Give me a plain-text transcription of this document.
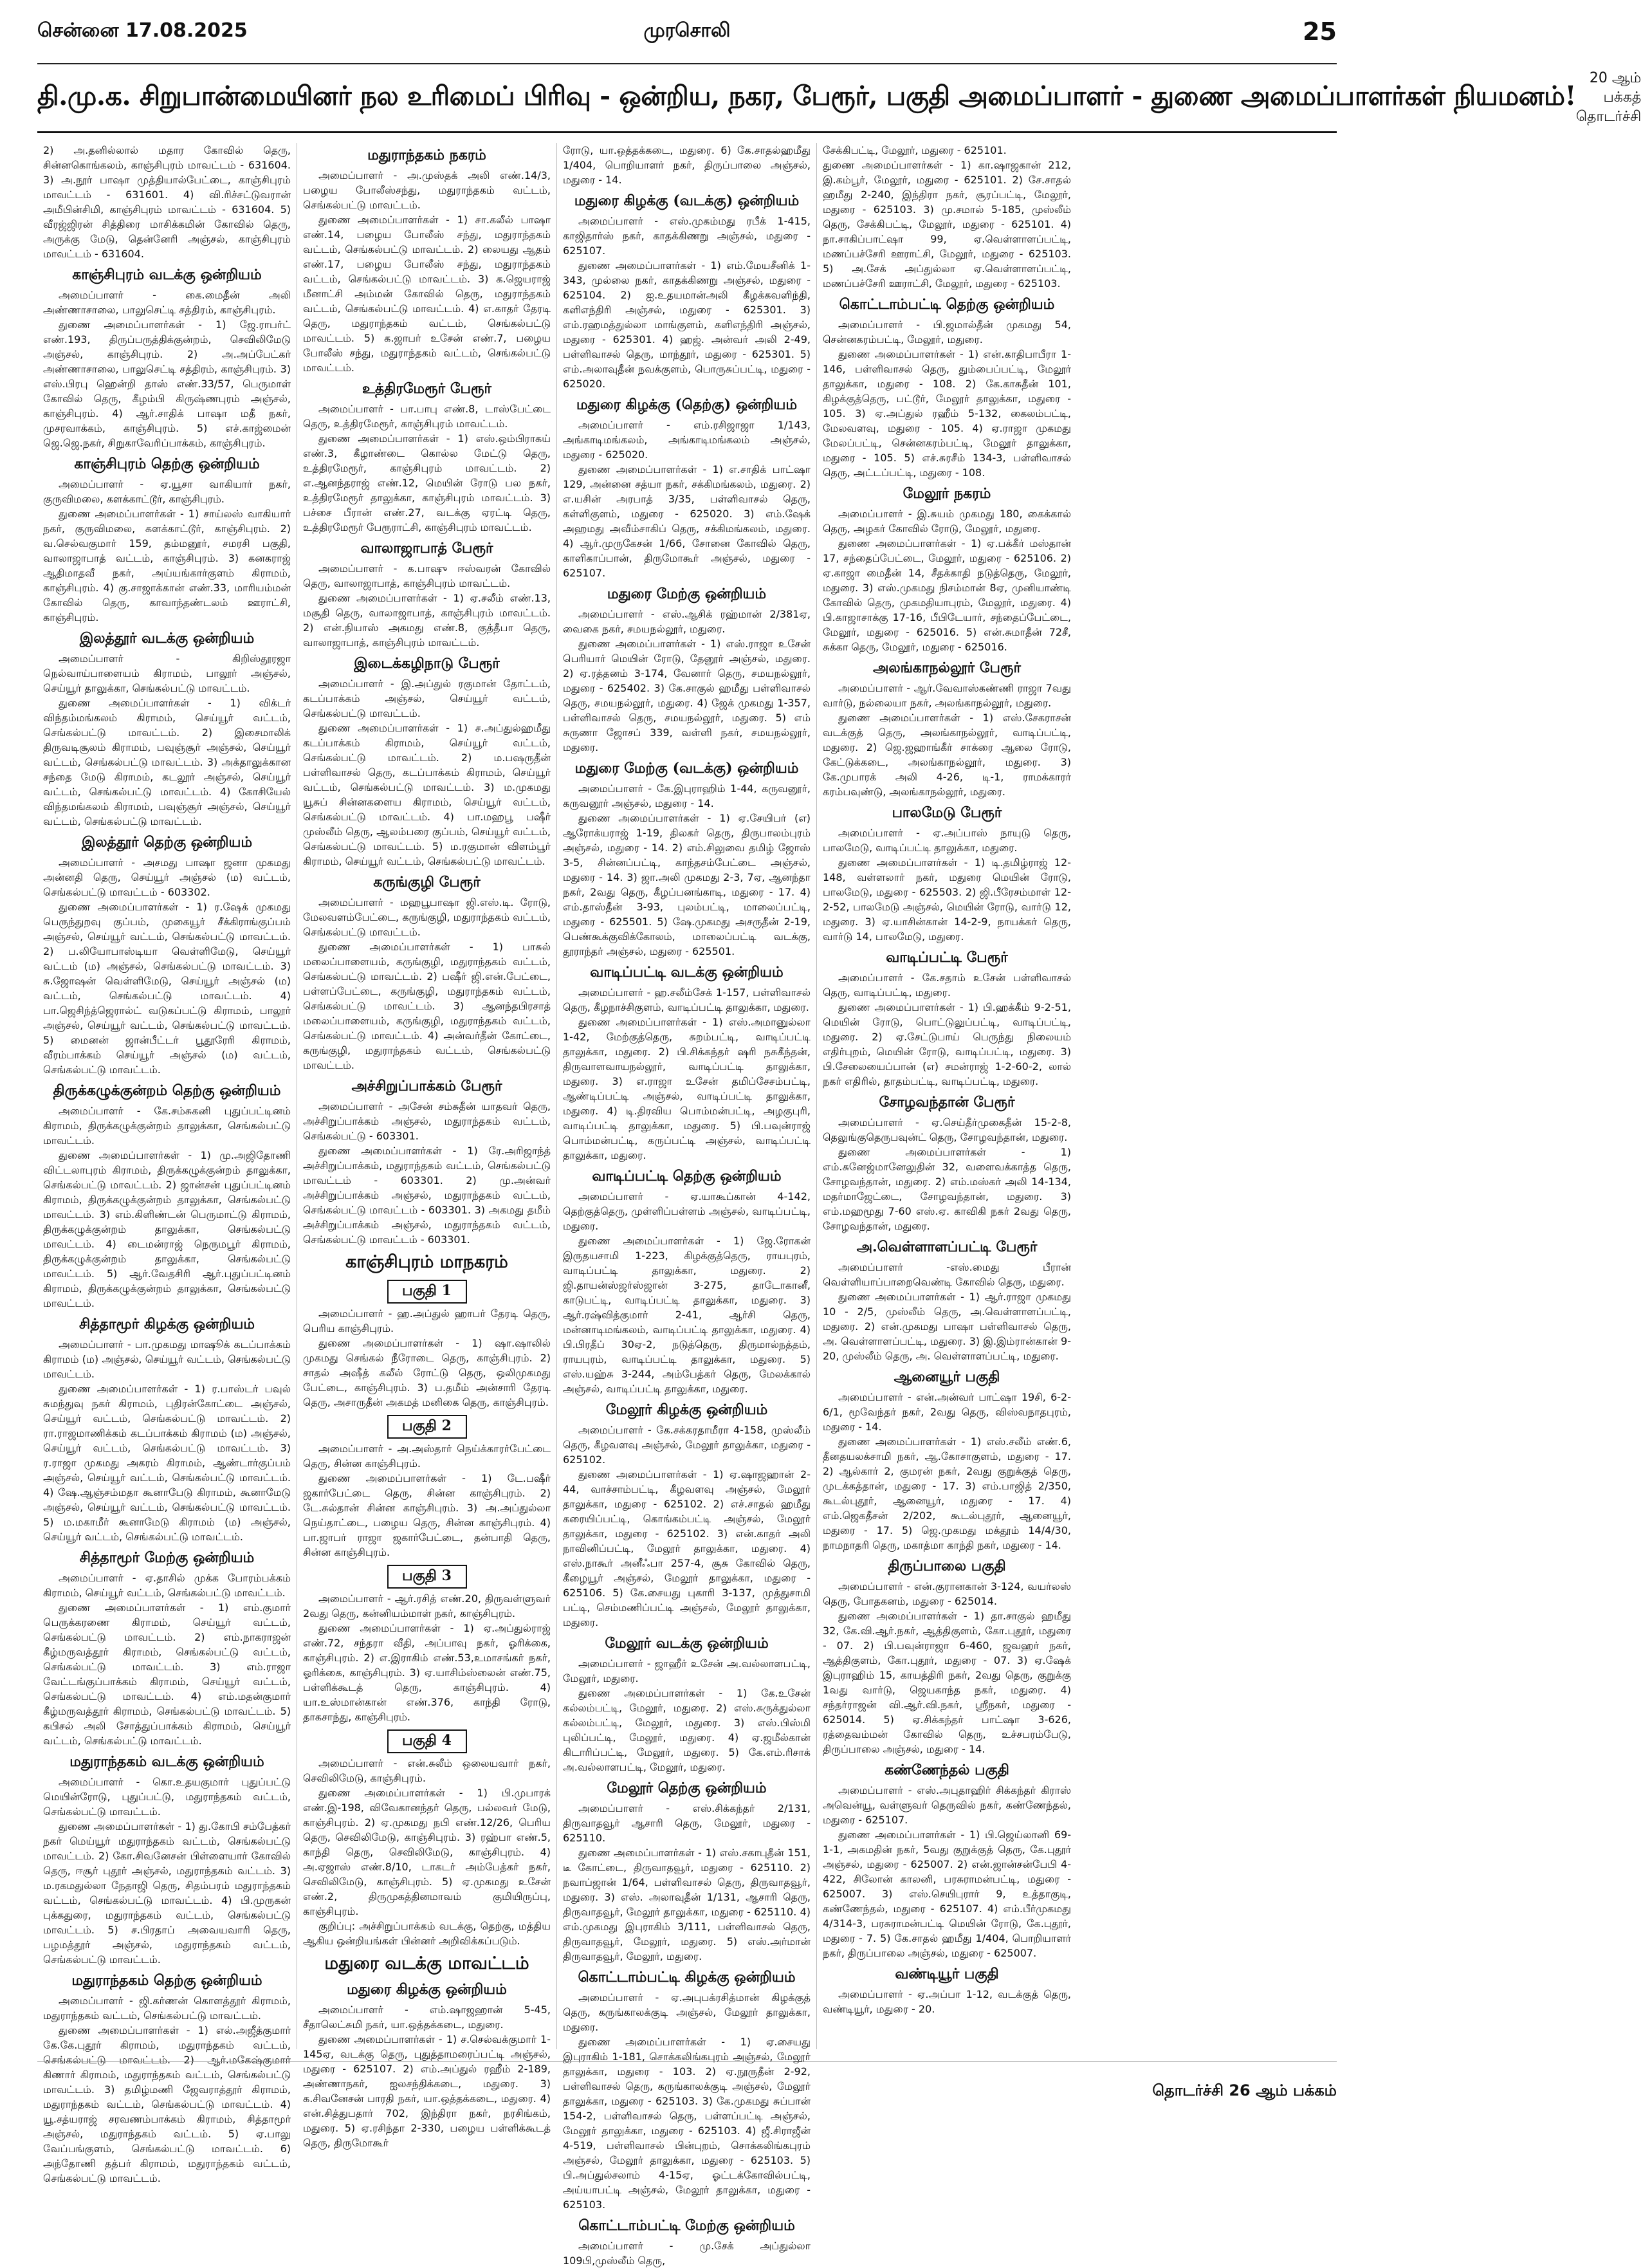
சென்னை 17.08.2025	முரசொலி	25
தி.மு.க. சிறுபான்மையினர் நல உரிமைப் பிரிவு - ஒன்றிய, நகர, பேரூர், பகுதி அமைப்பாளர் - துணை அமைப்பாளர்கள் நியமனம்!
20 ஆம் பக்கத் தொடர்ச்சி

2) அ.தனில்லால் மதார கோவில் தெரு, சின்னகொங்கலம், காஞ்சிபுரம் மாவட்டம் - 631604. 3) அ.நூர் பாஷா முத்தியால்பேட்டை, காஞ்சிபுரம் மாவட்டம் - 631601. 4) வி.ரிச்சட்டுவரான் அமீபின்சிமி, காஞ்சிபுரம் மாவட்டம் - 631604. 5) வீரஜ்ஜிரன் சித்திரை மாசிக்கமின் கோவில் தெரு, அருக்கு மேடு, தென்னேரி அஞ்சல், காஞ்சிபுரம் மாவட்டம் - 631604.

காஞ்சிபுரம் வடக்கு ஒன்றியம்

அமைப்பாளர் - கை.மைதீன் அலி அண்ணாசாலை, பாலுசெட்டி சத்திரம், காஞ்சிபுரம்.

துணை அமைப்பாளர்கள் - 1) ஜே.ராபர்ட் எண்.193, திருப்பருத்திக்குன்றம், செவிலிமேடு அஞ்சல், காஞ்சிபுரம். 2) அ.அப்பேட்கர் அண்ணாசாலை, பாலுசெட்டி சத்திரம், காஞ்சிபுரம். 3) எஸ்.பிரபு ஹென்றி தாஸ் எண்.33/57, பெருமாள் கோவில் தெரு, கீழம்பி கிருஷ்ணபுரம் அஞ்சல், காஞ்சிபுரம். 4) ஆர்.சாதிக் பாஷா மதீ நகர், முசரவாக்கம், காஞ்சிபுரம். 5) எச்.காஜ்மைன் ஜெ.ஜெ.நகர், சிறுகாவேரிப்பாக்கம், காஞ்சிபுரம்.

காஞ்சிபுரம் தெற்கு ஒன்றியம்

அமைப்பாளர் - ஏ.யூசா வாகியார் நகர், குருவிமலை, களக்காட்டூர், காஞ்சிபுரம்.

துணை அமைப்பாளர்கள் - 1) சாய்லஸ் வாகியார் நகர், குருவிமலை, களக்காட்டூர், காஞ்சிபுரம். 2) வ.செல்வகுமார் 159, தம்மனூர், சமரசி பகுதி, வாலாஜாபாத் வட்டம், காஞ்சிபுரம். 3) கனகராஜ் ஆதிமாதவீ நகர், அய்யங்கார்குளம் கிராமம், காஞ்சிபுரம். 4) கு.சாஜாக்கான் எண்.33, மாரியம்மன் கோவில் தெரு, காவாந்தண்டலம் ஊராட்சி, காஞ்சிபுரம்.

இலத்தூர் வடக்கு ஒன்றியம்

அமைப்பாளர் - கிறிஸ்தூரஜா நெல்வாய்பாளையம் கிராமம், பாலூர் அஞ்சல், செய்யூர் தாலுக்கா, செங்கல்பட்டு மாவட்டம்.

துணை அமைப்பாளர்கள் - 1) விக்டர் விந்தம்மங்கலம் கிராமம், செய்யூர் வட்டம், செங்கல்பட்டு மாவட்டம். 2) இசைமாலிக் திருவடிசூலம் கிராமம், பவுஞ்சூர் அஞ்சல், செய்யூர் வட்டம், செங்கல்பட்டு மாவட்டம். 3) அக்தாலுக்கான சந்தை மேடு கிராமம், கடலூர் அஞ்சல், செய்யூர் வட்டம், செங்கல்பட்டு மாவட்டம். 4) கோசியேல் விந்தமங்கலம் கிராமம், பவுஞ்சூர் அஞ்சல், செய்யூர் வட்டம், செங்கல்பட்டு மாவட்டம்.

இலத்தூர் தெற்கு ஒன்றியம்

அமைப்பாளர் - அசமது பாஷா ஜனா முகமது அன்னதி தெரு, செய்யூர் அஞ்சல் (ம) வட்டம், செங்கல்பட்டு மாவட்டம் - 603302.

துணை அமைப்பாளர்கள் - 1) ர.ஷேக் முகமது பெருந்துறவு குப்பம், முகையூர் சீக்கிராங்குப்பம் அஞ்சல், செய்யூர் வட்டம், செங்கல்பட்டு மாவட்டம். 2) ப.லியோபாஸ்டியா வெள்ளிமேடு, செய்யூர் வட்டம் (ம) அஞ்சல், செங்கல்பட்டு மாவட்டம். 3) சு.ஜோஷன் வெள்ளிமேடு, செய்யூர் அஞ்சல் (ம) வட்டம், செங்கல்பட்டு மாவட்டம். 4) பா.ஜெசிந்த்ஜெரால்ட் வடுகப்பட்டு கிராமம், பாலூர் அஞ்சல், செய்யூர் வட்டம், செங்கல்பட்டு மாவட்டம். 5) மைனன் ஜான்பீட்டர் பூதூரேரி கிராமம், வீரம்பாக்கம் செய்யூர் அஞ்சல் (ம) வட்டம், செங்கல்பட்டு மாவட்டம்.

திருக்கழுக்குன்றம் தெற்கு ஒன்றியம்

அமைப்பாளர் - கே.சம்சுகனி புதுப்பட்டினம் கிராமம், திருக்கழுக்குன்றம் தாலுக்கா, செங்கல்பட்டு மாவட்டம்.

துணை அமைப்பாளர்கள் - 1) மு.அஜிதோணி விட்டலாபுரம் கிராமம், திருக்கழுக்குன்றம் தாலுக்கா, செங்கல்பட்டு மாவட்டம். 2) ஜான்சன் புதுப்பட்டினம் கிராமம், திருக்கழுக்குன்றம் தாலுக்கா, செங்கல்பட்டு மாவட்டம். 3) எம்.கிளிண்டன் பெருமாட்டு கிராமம், திருக்கழுக்குன்றம் தாலுக்கா, செங்கல்பட்டு மாவட்டம். 4) டைமன்ராஜ் நெருமபூர் கிராமம், திருக்கழுக்குன்றம் தாலுக்கா, செங்கல்பட்டு மாவட்டம். 5) ஆர்.வேதசிரி ஆர்.புதுப்பட்டினம் கிராமம், திருக்கழுக்குன்றம் தாலுக்கா, செங்கல்பட்டு மாவட்டம்.

சித்தாமூர் கிழக்கு ஒன்றியம்

அமைப்பாளர் - பா.முகமது மாஷூக் கடப்பாக்கம் கிராமம் (ம) அஞ்சல், செய்யூர் வட்டம், செங்கல்பட்டு மாவட்டம்.

துணை அமைப்பாளர்கள் - 1) ர.பாஸ்டர் பவுல் சுமந்துவு நகர் கிராமம், புதிரன்கோட்டை அஞ்சல், செய்யூர் வட்டம், செங்கல்பட்டு மாவட்டம். 2) ரா.ராஜமாணிக்கம் கடப்பாக்கம் கிராமம் (ம) அஞ்சல், செய்யூர் வட்டம், செங்கல்பட்டு மாவட்டம். 3) ர.ராஜா முகமது அகரம் கிராமம், ஆண்டார்குப்பம் அஞ்சல், செய்யூர் வட்டம், செங்கல்பட்டு மாவட்டம். 4) ஷே.ஆஞ்சம்மதா கூனாபேடு கிராமம், கூனாமேடு அஞ்சல், செய்யூர் வட்டம், செங்கல்பட்டு மாவட்டம். 5) ம.மகாமீர் கூனாமேடு கிராமம் (ம) அஞ்சல், செய்யூர் வட்டம், செங்கல்பட்டு மாவட்டம்.

சித்தாமூர் மேற்கு ஒன்றியம்

அமைப்பாளர் - ஏ.தாசில் முக்க போரம்பக்கம் கிராமம், செய்யூர் வட்டம், செங்கல்பட்டு மாவட்டம்.

துணை அமைப்பாளர்கள் - 1) எம்.குமார் பெருக்கரணை கிராமம், செய்யூர் வட்டம், செங்கல்பட்டு மாவட்டம். 2) எம்.நாகராஜன் கீழ்மருவத்தூர் கிராமம், செங்கல்பட்டு வட்டம், செங்கல்பட்டு மாவட்டம். 3) எம்.ராஜா வேட்டங்குப்பாக்கம் கிராமம், செய்யூர் வட்டம், செங்கல்பட்டு மாவட்டம். 4) எம்.மதன்குமார் கீழ்மருவத்தூர் கிராமம், செங்கல்பட்டு மாவட்டம். 5) கபிசல் அலி சோத்துப்பாக்கம் கிராமம், செய்யூர் வட்டம், செங்கல்பட்டு மாவட்டம்.

மதுராந்தகம் வடக்கு ஒன்றியம்

அமைப்பாளர் - கொ.உதயகுமார் புதுப்பட்டு மெயின்ரோடு, புதுப்பட்டு, மதுராந்தகம் வட்டம், செங்கல்பட்டு மாவட்டம்.

துணை அமைப்பாளர்கள் - 1) து.கோபி சம்பேத்கர் நகர் மெய்யூர் மதுராந்தகம் வட்டம், செங்கல்பட்டு மாவட்டம். 2) கோ.சிவனேசன் பிள்ளையார் கோவில் தெரு, ஈசூர் புதூர் அஞ்சல், மதுராந்தகம் வட்டம். 3) ம.ரகமதுல்லா நேதாஜி தெரு, சிதம்பரம் மதுராந்தகம் வட்டம், செங்கல்பட்டு மாவட்டம். 4) பி.முருகன் புக்கதுரை, மதுராந்தகம் வட்டம், செங்கல்பட்டு மாவட்டம். 5) ச.பிரதாப் அவையவாரி தெரு, பழமத்தூர் அஞ்சல், மதுராந்தகம் வட்டம், செங்கல்பட்டு மாவட்டம்.

மதுராந்தகம் தெற்கு ஒன்றியம்

அமைப்பாளர் - ஜி.கர்ணன் கொளத்தூர் கிராமம், மதுராந்தகம் வட்டம், செங்கல்பட்டு மாவட்டம்.

துணை அமைப்பாளர்கள் - 1) எல்.அஜீத்குமார் கே.கே.புதூர் கிராமம், மதுராந்தகம் வட்டம், செங்கல்பட்டு மாவட்டம். 2) ஆர்.மகேஷ்குமார் கிணார் கிராமம், மதுராந்தகம் வட்டம், செங்கல்பட்டு மாவட்டம். 3) தமிழ்மணி ஜேவராத்தூர் கிராமம், மதுராந்தகம் வட்டம், செங்கல்பட்டு மாவட்டம். 4) யூ.சத்யராஜ் சரவணம்பாக்கம் கிராமம், சித்தாமூர் அஞ்சல், மதுராந்தகம் வட்டம். 5) ஏ.பாலு வேப்பங்குளம், செங்கல்பட்டு மாவட்டம். 6) அந்தோணி தத்பர் கிராமம், மதுராந்தகம் வட்டம், செங்கல்பட்டு மாவட்டம்.

மதுராந்தகம் நகரம்

அமைப்பாளர் - அ.முஸ்தக் அலி எண்.14/3, பழைய போலீஸ்சந்து, மதுராந்தகம் வட்டம், செங்கல்பட்டு மாவட்டம்.

துணை அமைப்பாளர்கள் - 1) சா.கலீல் பாஷா எண்.14, பழைய போலீஸ் சந்து, மதுராந்தகம் வட்டம், செங்கல்பட்டு மாவட்டம். 2) லையது ஆதம் எண்.17, பழைய போலீஸ் சந்து, மதுராந்தகம் வட்டம், செங்கல்பட்டு மாவட்டம். 3) க.ஜெயராஜ் மீனாட்சி அம்மன் கோவில் தெரு, மதுராந்தகம் வட்டம், செங்கல்பட்டு மாவட்டம். 4) எ.காதர் தேரடி தெரு, மதுராந்தகம் வட்டம், செங்கல்பட்டு மாவட்டம். 5) க.ஜாபர் உசேன் எண்.7, பழைய போலீஸ் சந்து, மதுராந்தகம் வட்டம், செங்கல்பட்டு மாவட்டம்.

உத்திரமேரூர் பேரூர்

அமைப்பாளர் - பா.பாபு எண்.8, டாஸ்பேட்டை தெரு, உத்திரமேரூர், காஞ்சிபுரம் மாவட்டம்.

துணை அமைப்பாளர்கள் - 1) எஸ்.ஒம்பிராகய் எண்.3, கீழாண்டை கொல்ல மேட்டு தெரு, உத்திரமேரூர், காஞ்சிபுரம் மாவட்டம். 2) எ.ஆனந்தராஜ் எண்.12, மெயின் ரோடு பல நகர், உத்திரமேரூர் தாலுக்கா, காஞ்சிபுரம் மாவட்டம். 3) பச்சை பீரான் எண்.27, வடக்கு ஏரட்டி தெரு, உத்திரமேரூர் பேரூராட்சி, காஞ்சிபுரம் மாவட்டம்.

வாலாஜாபாத் பேரூர்

அமைப்பாளர் - க.பாஷு ஈஸ்வரன் கோவில் தெரு, வாலாஜாபாத், காஞ்சிபுரம் மாவட்டம்.

துணை அமைப்பாளர்கள் - 1) ஏ.சலீம் எண்.13, மசூதி தெரு, வாலாஜாபாத், காஞ்சிபுரம் மாவட்டம். 2) என்.நியாஸ் அகமது எண்.8, குத்தீபா தெரு, வாலாஜாபாத், காஞ்சிபுரம் மாவட்டம்.

இடைக்கழிநாடு பேரூர்

அமைப்பாளர் - இ.அப்துல் ரகுமான் தோட்டம், கடப்பாக்கம் அஞ்சல், செய்யூர் வட்டம், செங்கல்பட்டு மாவட்டம்.

துணை அமைப்பாளர்கள் - 1) ச.அப்துல்ஹமீது கடப்பாக்கம் கிராமம், செய்யூர் வட்டம், செங்கல்பட்டு மாவட்டம். 2) ம.பஷருதீன் பள்ளிவாசல் தெரு, கடப்பாக்கம் கிராமம், செய்யூர் வட்டம், செங்கல்பட்டு மாவட்டம். 3) ம.முகமது யூசுப் சின்னகளைய கிராமம், செய்யூர் வட்டம், செங்கல்பட்டு மாவட்டம். 4) பா.மஹபூ பஷீர் முஸ்லீம் தெரு, ஆலம்பரை குப்பம், செய்யூர் வட்டம், செங்கல்பட்டு மாவட்டம். 5) ம.ரகுமான் விளம்பூர் கிராமம், செய்யூர் வட்டம், செங்கல்பட்டு மாவட்டம்.

கருங்குழி பேரூர்

அமைப்பாளர் - மஹபூபாஷா ஜி.எஸ்.டி. ரோடு, மேலவளம்பேட்டை, கருங்குழி, மதுராந்தகம் வட்டம், செங்கல்பட்டு மாவட்டம்.

துணை அமைப்பாளர்கள் - 1) பாசுல் மலைப்பாளையம், கருங்குழி, மதுராந்தகம் வட்டம், செங்கல்பட்டு மாவட்டம். 2) பஷீர் ஜி.என்.பேட்டை, பள்ளப்பேட்டை, கருங்குழி, மதுராந்தகம் வட்டம், செங்கல்பட்டு மாவட்டம். 3) ஆனந்தபிரசாத் மலைப்பாளையம், கருங்குழி, மதுராந்தகம் வட்டம், செங்கல்பட்டு மாவட்டம். 4) அன்வர்தீன் கோட்டை, கருங்குழி, மதுராந்தகம் வட்டம், செங்கல்பட்டு மாவட்டம்.

அச்சிறுப்பாக்கம் பேரூர்

அமைப்பாளர் - அசேன் சம்சுதீன் யாதவர் தெரு, அச்சிறுப்பாக்கம் அஞ்சல், மதுராந்தகம் வட்டம், செங்கல்பட்டு - 603301.

துணை அமைப்பாளர்கள் - 1) ரே.அரிஜாந்த் அச்சிறுப்பாக்கம், மதுராந்தகம் வட்டம், செங்கல்பட்டு மாவட்டம் - 603301. 2) மு.அன்வர் அச்சிறுப்பாக்கம் அஞ்சல், மதுராந்தகம் வட்டம், செங்கல்பட்டு மாவட்டம் - 603301. 3) அகமது தமீம் அச்சிறுப்பாக்கம் அஞ்சல், மதுராந்தகம் வட்டம், செங்கல்பட்டு மாவட்டம் - 603301.

காஞ்சிபுரம் மாநகரம்
பகுதி 1

அமைப்பாளர் - ஹ.அப்துல் ஹாபர் தேரடி தெரு, பெரிய காஞ்சிபுரம்.

துணை அமைப்பாளர்கள் - 1) ஷா.ஷாலில் முகமது செங்கல் நீரோடை தெரு, காஞ்சிபுரம். 2) சாதல் அஷீத் கலீல் ரோட்டு தெரு, ஒலிமுகமது பேட்டை, காஞ்சிபுரம். 3) ப.தமீம் அன்சாரி தேரடி தெரு, அசாருதீன் அகமத் மனிகை தெரு, காஞ்சிபுரம்.

பகுதி 2

அமைப்பாளர் - அ.அஸ்தார் நெய்க்காரர்பேட்டை தெரு, சின்ன காஞ்சிபுரம்.

துணை அமைப்பாளர்கள் - 1) டே.பஷீர் ஜகார்பேட்டை தெரு, சின்ன காஞ்சிபுரம். 2) டே.சுல்தான் சின்ன காஞ்சிபுரம். 3) அ.அப்துல்லா நெய்தாட்டை, பழைய தெரு, சின்ன காஞ்சிபுரம். 4) பா.ஜாபர் ராஜா ஜகார்பேட்டை, தன்பாதி தெரு, சின்ன காஞ்சிபுரம்.

பகுதி 3

அமைப்பாளர் - ஆர்.ரசித் எண்.20, திருவள்ளுவர் 2வது தெரு, கன்னியம்மாள் நகர், காஞ்சிபுரம்.

துணை அமைப்பாளர்கள் - 1) ஏ.அப்துல்ராஜ் எண்.72, சந்தரா வீதி, அப்பாவு நகர், ஓரிக்கை, காஞ்சிபுரம். 2) எ.இராகிம் எண்.53,உமாசங்கர் நகர், ஓரிக்கை, காஞ்சிபுரம். 3) ஏ.யாசிம்ஸ்லைன் எண்.75, பள்ளிக்கூடத் தெரு, காஞ்சிபுரம். 4) யா.உஸ்மான்கான் எண்.376, காந்தி ரோடு, தாகசாந்து, காஞ்சிபுரம்.

பகுதி 4

அமைப்பாளர் - என்.சுலீம் ஒலையவார் நகர், செவிலிமேடு, காஞ்சிபுரம்.

துணை அமைப்பாளர்கள் - 1) பி.முபாரக் எண்.இ-198, விவேகானந்தர் தெரு, பல்லவர் மேடு, காஞ்சிபுரம். 2) ஏ.முகமது நபி எண்.12/26, பெரிய தெரு, செவிலிமேடு, காஞ்சிபுரம். 3) ரஹ்பா எண்.5, காந்தி தெரு, செவிலிமேடு, காஞ்சிபுரம். 4) அ.ஏஜாஸ் எண்.8/10, டாகடர் அம்பேத்கர் நகர், செவிலிமேடு, காஞ்சிபுரம். 5) ஏ.முகமது உசேன் எண்.2, திருமுகத்தினமாவம் குமியிருப்பு, காஞ்சிபுரம்.

குறிப்பு: அச்சிறுப்பாக்கம் வடக்கு, தெற்கு, மத்திய ஆகிய ஒன்றியங்கள் பின்னர் அறிவிக்கப்படும்.

மதுரை வடக்கு மாவட்டம்
மதுரை கிழக்கு ஒன்றியம்

அமைப்பாளர் - எம்.ஷாஜஹான் 5-45, சீதாலெட்சுமி நகர், யா.ஒத்தக்கடை, மதுரை.

துணை அமைப்பாளர்கள் - 1) ச.செல்வக்குமார் 1-145ஏ, வடக்கு தெரு, புதுத்தாமரைப்பட்டி அஞ்சல், மதுரை - 625107. 2) எம்.அப்துல் ரஹீம் 2-189, அண்ணாநகர், ஐலசந்திக்கடை, மதுரை. 3) க.சிவனேசன் பாரதி நகர், யா.ஒத்தக்கடை, மதுரை. 4) என்.சித்துபதார் 702, இந்திரா நகர், நரசிங்கம், மதுரை. 5) ஏ.ரசிந்தா 2-330, பழைய பள்ளிக்கூடத் தெரு, திருமோகூர்

ரோடு, யா.ஒத்தக்கடை, மதுரை. 6) கே.சாதல்ஹமீது 1/404, பொறியாளர் நகர், திருப்பாலை அஞ்சல், மதுரை - 14.

மதுரை கிழக்கு (வடக்கு) ஒன்றியம்

அமைப்பாளர் - எஸ்.முகம்மது ரபீக் 1-415, காஜிதார்ஸ் நகர், காதக்கிணறு அஞ்சல், மதுரை - 625107.

துணை அமைப்பாளர்கள் - 1) எம்.மேயசீனிக் 1-343, முல்லை நகர், காதக்கிணறு அஞ்சல், மதுரை - 625104. 2) ஐ.உதயமான்அலி கீழக்கவளிந்தி, களிஎந்திரி அஞ்சல், மதுரை - 625301. 3) எம்.ரஹமத்துல்லா மாங்குளம், களிஎந்திரி அஞ்சல், மதுரை - 625301. 4) ஹஜ். அன்வர் அலி 2-49, பள்ளிவாசல் தெரு, மாந்தூர், மதுரை - 625301. 5) எம்.அலாவுதீன் நவக்குளம், பொருசுப்பட்டி, மதுரை - 625020.

மதுரை கிழக்கு (தெற்கு) ஒன்றியம்

அமைப்பாளர் - எம்.ரசிஜாஜா 1/143, அங்காடிமங்கலம், அங்காடிமங்கலம் அஞ்சல், மதுரை - 625020.

துணை அமைப்பாளர்கள் - 1) எ.சாதிக் பாட்ஷா 129, அன்னை சத்யா நகர், சக்கிமங்கலம், மதுரை. 2) எ.யசின் அரபாத் 3/35, பள்ளிவாசல் தெரு, கள்ளிகுளம், மதுரை - 625020. 3) எம்.ஷேக் அஹமது அவீம்சாகிப் தெரு, சக்கிமங்கலம், மதுரை. 4) ஆர்.முருகேசன் 1/66, சோனை கோவில் தெரு, காளிகாப்பான், திருமோகூர் அஞ்சல், மதுரை - 625107.

மதுரை மேற்கு ஒன்றியம்

அமைப்பாளர் - எஸ்.ஆசிக் ரஹ்மான் 2/381ஏ, வைகை நகர், சமயநல்லூர், மதுரை.

துணை அமைப்பாளர்கள் - 1) எஸ்.ராஜா உசேன் பெரியார் மெயின் ரோடு, தேனூர் அஞ்சல், மதுரை. 2) ஏ.ரத்தனம் 3-174, வேனார் தெரு, சமயநல்லூர், மதுரை - 625402. 3) கே.சாகுல் ஹமீது பள்ளிவாசல் தெரு, சமயநல்லூர், மதுரை. 4) ஜேக் முகமது 1-357, பள்ளிவாசல் தெரு, சமயநல்லூர், மதுரை. 5) எம் சுருணா ஜோசப் 339, வள்ளி நகர், சமயநல்லூர், மதுரை.

மதுரை மேற்கு (வடக்கு) ஒன்றியம்

அமைப்பாளர் - கே.இபுராஹிம் 1-44, கருவனூர், கருவனூர் அஞ்சல், மதுரை - 14.

துணை அமைப்பாளர்கள் - 1) ஏ.சேயிபர் (எ) ஆரோக்யராஜ் 1-19, திலகர் தெரு, திருபாலம்புரம் அஞ்சல், மதுரை - 14. 2) எம்.சிலுவை தமிழ் ஜோஸ் 3-5, சின்னப்பட்டி, காந்தசம்பேட்டை அஞ்சல், மதுரை - 14. 3) ஜா.அலி முகமது 2-3, 7ஏ, ஆனந்தா நகர், 2வது தெரு, கீழப்பனங்காடி, மதுரை - 17. 4) எம்.தாஸ்தீன் 3-93, புலம்பட்டி, மாலைப்பட்டி, மதுரை - 625501. 5) ஷே.முகமது அசருதீன் 2-19, பெண்கூக்குவிக்கோலம், மாலைப்பட்டி வடக்கு, தூராந்தர் அஞ்சல், மதுரை - 625501.

வாடிப்பட்டி வடக்கு ஒன்றியம்

அமைப்பாளர் - ஹ.சலீம்சேக் 1-157, பள்ளிவாசல் தெரு, கீழநாச்சிகுளம், வாடிப்பட்டி தாலுக்கா, மதுரை.

துணை அமைப்பாளர்கள் - 1) எஸ்.அமானுல்லா 1-42, மேற்குத்தெரு, சுறம்பட்டி, வாடிப்பட்டி தாலுக்கா, மதுரை. 2) பி.சிக்கந்தர் ஷரி நசுகீந்தன், திருவாளவாயநல்லூர், வாடிப்பட்டி தாலுக்கா, மதுரை. 3) எ.ராஜா உசேன் தமிப்சேசம்பட்டி, ஆண்டிப்பட்டி அஞ்சல், வாடிப்பட்டி தாலுக்கா, மதுரை. 4) டி.திரவிய பொம்மன்பட்டி, அழகுபுரி, வாடிப்பட்டி தாலுக்கா, மதுரை. 5) பி.பவுன்ராஜ் பொம்மன்பட்டி, கருப்பட்டி அஞ்சல், வாடிப்பட்டி தாலுக்கா, மதுரை.

வாடிப்பட்டி தெற்கு ஒன்றியம்

அமைப்பாளர் - ஏ.யாகூப்கான் 4-142, தெற்குத்தெரு, முள்ளிப்பள்ளம் அஞ்சல், வாடிப்பட்டி, மதுரை.

துணை அமைப்பாளர்கள் - 1) ஜே.ரோகன் இருதயசாமி 1-223, கிழக்குத்தெரு, ராயபுரம், வாடிப்பட்டி தாலுக்கா, மதுரை. 2) ஜி.தாயன்ஸ்ஜர்ஸ்ஜான் 3-275, தாடோகானீ, காடுபட்டி, வாடிப்பட்டி தாலுக்கா, மதுரை. 3) ஆர்.ரஷ்வித்குமார் 2-41, ஆர்சி தெரு, மன்னாடிமங்கலம், வாடிப்பட்டி தாலுக்கா, மதுரை. 4) பி.பிரதீப் 30ஏ-2, நடுத்தெரு, திருமால்நத்தம், ராயபுரம், வாடிப்பட்டி தாலுக்கா, மதுரை. 5) எஸ்.யஹ்சு 3-244, அம்பேத்கர் தெரு, மேலக்கால் அஞ்சல், வாடிப்பட்டி தாலுக்கா, மதுரை.

மேலூர் கிழக்கு ஒன்றியம்

அமைப்பாளர் - கே.சக்கரதாமீரா 4-158, முஸ்லீம் தெரு, கீழவளவு அஞ்சல், மேலூர் தாலுக்கா, மதுரை - 625102.

துணை அமைப்பாளர்கள் - 1) ஏ.ஷாஜஹான் 2-44, வாச்சாம்பட்டி, கீழவளவு அஞ்சல், மேலூர் தாலுக்கா, மதுரை - 625102. 2) எச்.சாதல் ஹமீது கரையிப்பட்டி, கொங்கம்பட்டி அஞ்சல், மேலூர் தாலுக்கா, மதுரை - 625102. 3) என்.காதர் அலி நாவினிப்பட்டி, மேலூர் தாலுக்கா, மதுரை. 4) எஸ்.நாகூர் அனீஃபா 257-4, சூசு கோவில் தெரு, கீழையூர் அஞ்சல், மேலூர் தாலுக்கா, மதுரை - 625106. 5) கே.சையது புகாரி 3-137, முத்துசாமி பட்டி, செம்மணிப்பட்டி அஞ்சல், மேலூர் தாலுக்கா, மதுரை.

மேலூர் வடக்கு ஒன்றியம்

அமைப்பாளர் - ஜாஹீர் உசேன் அ.வல்லாளபட்டி, மேலூர், மதுரை.

துணை அமைப்பாளர்கள் - 1) கே.உசேன் கல்லம்பட்டி, மேலூர், மதுரை. 2) எஸ்.சுருக்துல்லா கல்லம்பட்டி, மேலூர், மதுரை. 3) எஸ்.பிஸ்மி புலிப்பட்டி, மேலூர், மதுரை. 4) ஏ.ஜமீல்கான் கிடாரிப்பட்டி, மேலூர், மதுரை. 5) கே.எம்.ரிசாக் அ.வல்லாளபட்டி, மேலூர், மதுரை.

மேலூர் தெற்கு ஒன்றியம்

அமைப்பாளர் - எஸ்.சிக்கந்தர் 2/131, திருவாதவூர் ஆசாரி தெரு, மேலூர், மதுரை - 625110.

துணை அமைப்பாளர்கள் - 1) எஸ்.சகாபுதீன் 151, டீ கோட்டை, திருவாதவூர், மதுரை - 625110. 2) நவாப்ஜான் 1/64, பள்ளிவாசல் தெரு, திருவாதவூர், மதுரை. 3) எஸ். அலாவுதீன் 1/131, ஆசாரி தெரு, திருவாதவூர், மேலூர் தாலுக்கா, மதுரை - 625110. 4) எம்.முகமது இபுராகிம் 3/111, பள்ளிவாசல் தெரு, திருவாதவூர், மேலூர், மதுரை. 5) எஸ்.அர்மான் திருவாதவூர், மேலூர், மதுரை.

கொட்டாம்பட்டி கிழக்கு ஒன்றியம்

அமைப்பாளர் - ஏ.அபுபக்ரசித்மான் கிழக்குத் தெரு, கருங்காலக்குடி அஞ்சல், மேலூர் தாலுக்கா, மதுரை.

துணை அமைப்பாளர்கள் - 1) ஏ.சையது இபுராகிம் 1-181, சொக்கலிங்கபுரம் அஞ்சல், மேலூர் தாலுக்கா, மதுரை - 103. 2) ஏ.நூருதீன் 2-92, பள்ளிவாசல் தெரு, கருங்காலக்குடி அஞ்சல், மேலூர் தாலுக்கா, மதுரை - 625103. 3) கே.முகமது சுப்பான் 154-2, பள்ளிவாசல் தெரு, பள்ளப்பட்டி அஞ்சல், மேலூர் தாலுக்கா, மதுரை - 625103. 4) ஜீ.சிராஜீன் 4-519, பள்ளிவாசல் பின்புறம், சொக்கலிங்கபுரம் அஞ்சல், மேலூர் தாலுக்கா, மதுரை - 625103. 5) பி.அப்துல்சலாம் 4-15ஏ, ஓட்டக்கோவில்பட்டி, அய்யாபட்டி அஞ்சல், மேலூர் தாலுக்கா, மதுரை - 625103.

கொட்டாம்பட்டி மேற்கு ஒன்றியம்

அமைப்பாளர் - மு.சேக் அப்துல்லா 109பி,முஸ்லீம் தெரு,

சேக்கிபட்டி, மேலூர், மதுரை - 625101.

துணை அமைப்பாளர்கள் - 1) கா.ஷாஜகான் 212, இ.கம்பூர், மேலூர், மதுரை - 625101. 2) சே.சாதல் ஹமீது 2-240, இந்திரா நகர், சூரப்பட்டி, மேலூர், மதுரை - 625103. 3) மு.சமால் 5-185, முஸ்லீம் தெரு, சேக்கிபட்டி, மேலூர், மதுரை - 625101. 4) நா.சாகிப்பாட்ஷா 99, ஏ.வெள்ளாளப்பட்டி, மணப்பச்சேரி ஊராட்சி, மேலூர், மதுரை - 625103. 5) அ.சேக் அப்துல்லா ஏ.வெள்ளாளப்பட்டி, மணப்பச்சேரி ஊராட்சி, மேலூர், மதுரை - 625103.

கொட்டாம்பட்டி தெற்கு ஒன்றியம்

அமைப்பாளர் - பி.ஜமால்தீன் முகமது 54, சென்னகரம்பட்டி, மேலூர், மதுரை.

துணை அமைப்பாளர்கள் - 1) என்.காதிபாபீரா 1-146, பள்ளிவாசல் தெரு, தும்பைப்பட்டி, மேலூர் தாலுக்கா, மதுரை - 108. 2) கே.காசுதீன் 101, கிழக்குத்தெரு, பட்டூர், மேலூர் தாலுக்கா, மதுரை - 105. 3) ஏ.அப்துல் ரஹீம் 5-132, கைலம்பட்டி, மேலவளவு, மதுரை - 105. 4) ஏ.ராஜா முகமது மேலப்பட்டி, சென்னகரம்பட்டி, மேலூர் தாலுக்கா, மதுரை - 105. 5) எச்.சுரசீம் 134-3, பள்ளிவாசல் தெரு, அட்டப்பட்டி, மதுரை - 108.

மேலூர் நகரம்

அமைப்பாளர் - இ.சுயம் முகமது 180, கைக்கால் தெரு, அழகர் கோவில் ரோடு, மேலூர், மதுரை.

துணை அமைப்பாளர்கள் - 1) ஏ.பக்கீர் மஸ்தான் 17, சந்தைப்பேட்டை, மேலூர், மதுரை - 625106. 2) ஏ.காஜா மைதீன் 14, சீதக்காதி நடுத்தெரு, மேலூர், மதுரை. 3) எஸ்.முகமது நிசம்மான் 8ஏ, முனியாண்டி கோவில் தெரு, முகமதியாபுரம், மேலூர், மதுரை. 4) பி.காஜாசாக்கு 17-16, பீபிடேயார், சந்தைப்பேட்டை, மேலூர், மதுரை - 625016. 5) என்.சுமாதீன் 72சீ, சுக்கா தெரு, மேலூர், மதுரை - 625016.

அலங்காநல்லூர் பேரூர்

அமைப்பாளர் - ஆர்.வேவாஸ்கண்ணி ராஜா 7வது வார்டு, நல்லையா நகர், அலங்காநல்லூர், மதுரை.

துணை அமைப்பாளர்கள் - 1) எஸ்.சேகராசன் வடக்குத் தெரு, அலங்காநல்லூர், வாடிப்பட்டி, மதுரை. 2) ஜெ.ஜஹாங்கீர் சாக்ரை ஆலை ரோடு, கேட்டுக்கடை, அலங்காநல்லூர், மதுரை. 3) கே.முபாரக் அலி 4-26, டி-1, ராமக்காரர் கரம்பவுண்டு, அலங்காநல்லூர், மதுரை.

பாலமேடு பேரூர்

அமைப்பாளர் - ஏ.அப்பாஸ் நாயுடு தெரு, பாலமேடு, வாடிப்பட்டி தாலுக்கா, மதுரை.

துணை அமைப்பாளர்கள் - 1) டி.தமிழ்ராஜ் 12-148, வள்ளலார் நகர், மதுரை மெயின் ரோடு, பாலமேடு, மதுரை - 625503. 2) ஜி.பீரேசம்மாள் 12-2-52, பாலமேடு அஞ்சல், மெயின் ரோடு, வார்டு 12, மதுரை. 3) ஏ.யாசின்கான் 14-2-9, நாயக்கர் தெரு, வார்டு 14, பாலமேடு, மதுரை.

வாடிப்பட்டி பேரூர்

அமைப்பாளர் - கே.சதாம் உசேன் பள்ளிவாசல் தெரு, வாடிப்பட்டி, மதுரை.

துணை அமைப்பாளர்கள் - 1) பி.ஹக்கீம் 9-2-51, மெயின் ரோடு, பொட்டுலுப்பட்டி, வாடிப்பட்டி, மதுரை. 2) ஏ.சேட்டுபாய் பெருந்து நிலையம் எதிர்புறம், மெயின் ரோடு, வாடிப்பட்டி, மதுரை. 3) பி.சேலையைப்பான் (எ) சமன்ராஜ் 1-2-60-2, லால் நகர் எதிரில், தாதம்பட்டி, வாடிப்பட்டி, மதுரை.

சோழவந்தான் பேரூர்

அமைப்பாளர் - ஏ.செய்தீர்முகைதீன் 15-2-8, தெலுங்குதெருபவுன்ட் தெரு, சோழவந்தான், மதுரை.

துணை அமைப்பாளர்கள் - 1) எம்.சுனேஜ்மானேலுதின் 32, வளைவக்காத்த தெரு, சோழவந்தான், மதுரை. 2) எம்.மஸ்கர் அலி 14-134, மதர்மாஜேட்டை, சோழவந்தான், மதுரை. 3) எம்.மஹமூது 7-60 எஸ்.ஏ. காவிகி நகர் 2வது தெரு, சோழவந்தான், மதுரை.

அ.வெள்ளாளப்பட்டி பேரூர்

அமைப்பாளர் -எஸ்.மைது பீரான் வெள்ளியாப்பாறைவெண்டி கோவில் தெரு, மதுரை.

துணை அமைப்பாளர்கள் - 1) ஆர்.ராஜா முகமது 10 - 2/5, முஸ்லீம் தெரு, அ.வெள்ளாளப்பட்டி, மதுரை. 2) என்.முகமது பாஷா பள்ளிவாசல் தெரு, அ. வெள்ளாளப்பட்டி, மதுரை. 3) இ.இம்ரான்கான் 9-20, முஸ்லீம் தெரு, அ. வெள்ளாளப்பட்டி, மதுரை.

ஆனையூர் பகுதி

அமைப்பாளர் - என்.அன்வர் பாட்ஷா 19சி, 6-2-6/1, மூவேந்தர் நகர், 2வது தெரு, விஸ்வநாதபுரம், மதுரை - 14.

துணை அமைப்பாளர்கள் - 1) எஸ்.சலீம் எண்.6, தீனதயலக்சாமி நகர், ஆ.கோசாகுளம், மதுரை - 17. 2) ஆல்கார் 2, குமரன் நகர், 2வது குறுக்குத் தெரு, முடக்கத்தான், மதுரை - 17. 3) எம்.பாஜித் 2/350, கூடல்புதூர், ஆனையூர், மதுரை - 17. 4) எம்.ஜெகதீசன் 2/202, கூடல்புதூர், ஆனையூர், மதுரை - 17. 5) ஜெ.முகமது மக்தூம் 14/4/30, நாமநாதரி தெரு, மகாத்மா காந்தி நகர், மதுரை - 14.

திருப்பாலை பகுதி

அமைப்பாளர் - என்.குரானகான் 3-124, வயர்லஸ் தெரு, போதகனம், மதுரை - 625014.

துணை அமைப்பாளர்கள் - 1) தா.சாகுல் ஹமீது 32, கே.வி.ஆர்.நகர், ஆத்திகுளம், கோ.புதூர், மதுரை - 07. 2) பி.பவுன்ராஜா 6-460, ஜவஹர் நகர், ஆத்திகுளம், கோ.புதூர், மதுரை - 07. 3) ஏ.ஷேக் இபுராஹிம் 15, காயத்திரி நகர், 2வது தெரு, குறுக்கு 1வது வார்டு, ஜெயகாந்த நகர், மதுரை. 4) சந்தர்ராஜன் வி.ஆர்.வி.நகர், ஸ்ரீநகர், மதுரை - 625014. 5) ஏ.சிக்கந்தர் பாட்ஷா 3-626, ரத்தைவம்மன் கோவில் தெரு, உச்சபரம்பேடு, திருப்பாலை அஞ்சல், மதுரை - 14.

கண்ணேந்தல் பகுதி

அமைப்பாளர் - எஸ்.அபுதாஹிர் சிக்கந்தர் கிராஸ் அவென்யூ, வள்ளுவர் தெருவில் நகர், கண்ணேந்தல், மதுரை - 625107.

துணை அமைப்பாளர்கள் - 1) பி.ஜெய்லானி 69-1-1, அகமதின் நகர், 5வது குறுக்குத் தெரு, கே.புதூர் அஞ்சல், மதுரை - 625007. 2) என்.ஜான்சன்பேபி 4-422, சிலோன் காலனி, பரசுராமன்பட்டி, மதுரை - 625007. 3) எஸ்.செயிபுரார் 9, உத்தாகுடி, கண்ணேந்தல், மதுரை - 625107. 4) எம்.பீர்முகமது 4/314-3, பரசுராமன்பட்டி மெயின் ரோடு, கே.புதூர், மதுரை - 7. 5) கே.சாதல் ஹமீது 1/404, பொறியாளர் நகர், திருப்பாலை அஞ்சல், மதுரை - 625007.

வண்டியூர் பகுதி

அமைப்பாளர் - ஏ.அப்பா 1-12, வடக்குத் தெரு, வண்டியூர், மதுரை - 20.

தொடர்ச்சி 26 ஆம் பக்கம்
